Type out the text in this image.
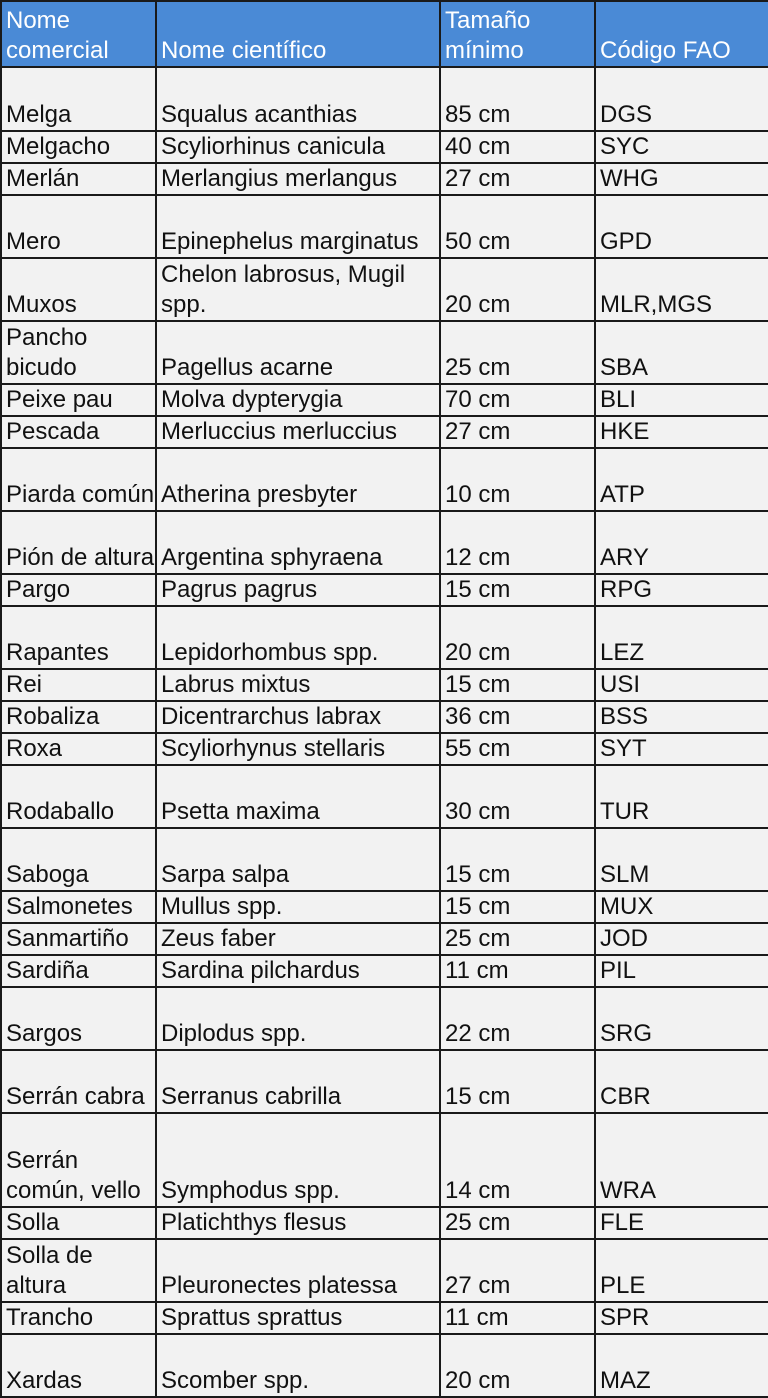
Nome comercial	Nome científico	Tamaño mínimo	Código FAO
Melga	Squalus acanthias	85 cm	DGS
Melgacho	Scyliorhinus canicula	40 cm	SYC
Merlán	Merlangius merlangus	27 cm	WHG
Mero	Epinephelus marginatus	50 cm	GPD
Muxos	Chelon labrosus, Mugil spp.	20 cm	MLR,MGS
Pancho bicudo	Pagellus acarne	25 cm	SBA
Peixe pau	Molva dypterygia	70 cm	BLI
Pescada	Merluccius merluccius	27 cm	HKE
Piarda común	Atherina presbyter	10 cm	ATP
Pión de altura	Argentina sphyraena	12 cm	ARY
Pargo	Pagrus pagrus	15 cm	RPG
Rapantes	Lepidorhombus spp.	20 cm	LEZ
Rei	Labrus mixtus	15 cm	USI
Robaliza	Dicentrarchus labrax	36 cm	BSS
Roxa	Scyliorhynus stellaris	55 cm	SYT
Rodaballo	Psetta maxima	30 cm	TUR
Saboga	Sarpa salpa	15 cm	SLM
Salmonetes	Mullus spp.	15 cm	MUX
Sanmartiño	Zeus faber	25 cm	JOD
Sardiña	Sardina pilchardus	11 cm	PIL
Sargos	Diplodus spp.	22 cm	SRG
Serrán cabra	Serranus cabrilla	15 cm	CBR
Serrán común, vello	Symphodus spp.	14 cm	WRA
Solla	Platichthys flesus	25 cm	FLE
Solla de altura	Pleuronectes platessa	27 cm	PLE
Trancho	Sprattus sprattus	11 cm	SPR
Xardas	Scomber spp.	20 cm	MAZ
